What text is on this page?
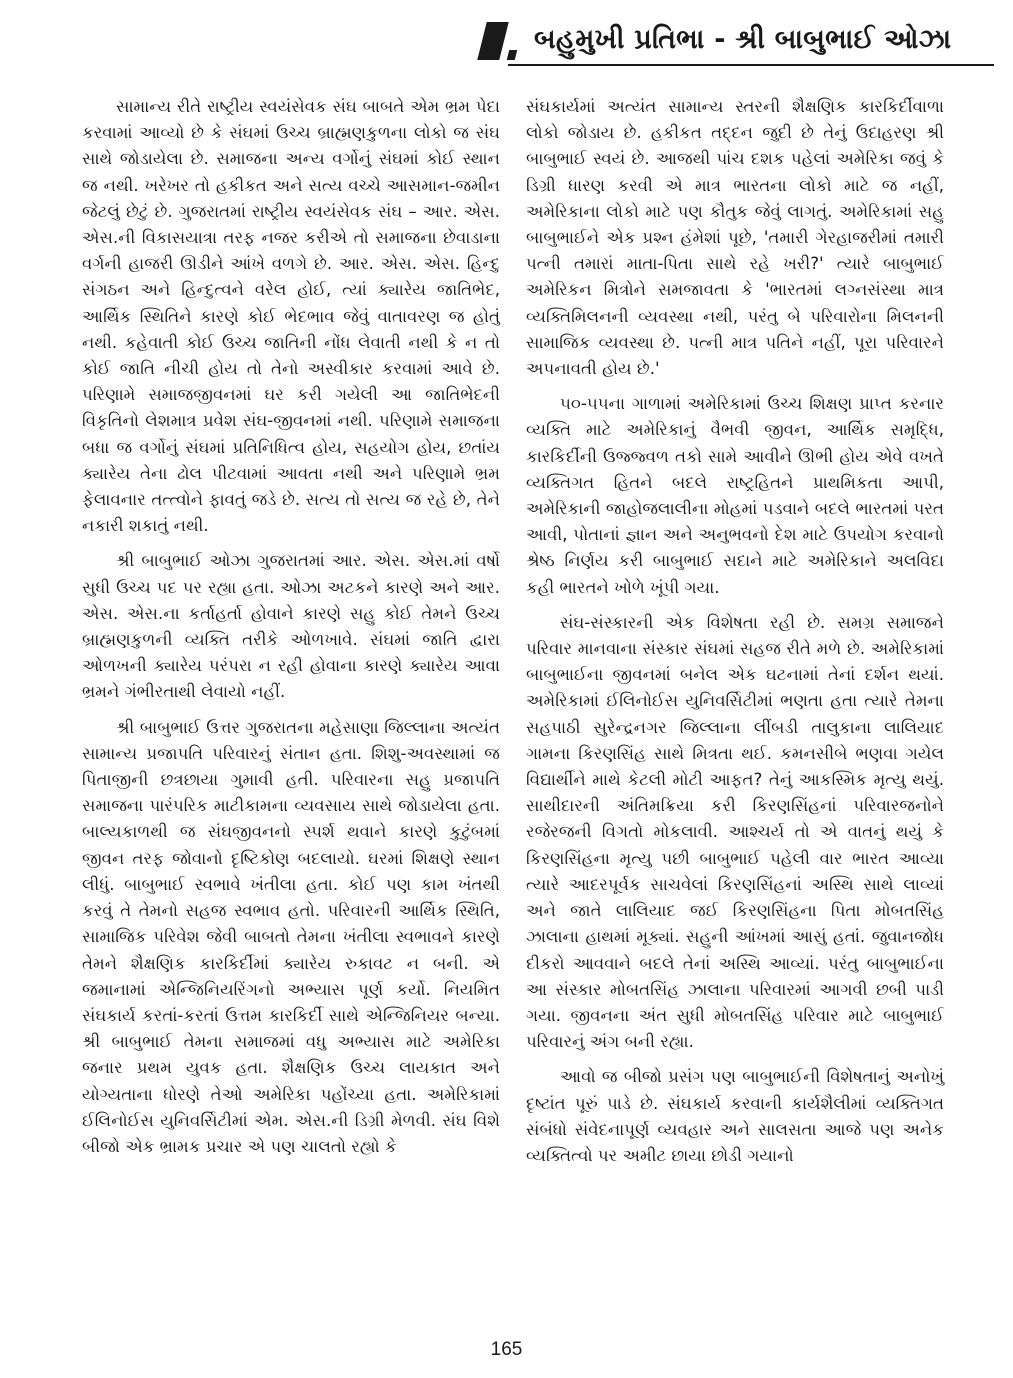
બહુમુખી પ્રતિભા - શ્રી બાબુભાઈ ઓઝા

સામાન્ય રીતે રાષ્ટ્રીય સ્વયંસેવક સંઘ બાબતે એમ ભ્રમ પેદા કરવામાં આવ્યો છે કે સંઘમાં ઉચ્ચ બ્રાહ્મણકુળના લોકો જ સંઘ સાથે જોડાયેલા છે. સમાજના અન્ય વર્ગોનું સંઘમાં કોઈ સ્થાન જ નથી. ખરેખર તો હકીકત અને સત્ય વચ્ચે આસમાન-જમીન જેટલું છેટું છે. ગુજરાતમાં રાષ્ટ્રીય સ્વયંસેવક સંઘ – આર. એસ. એસ.ની વિકાસયાત્રા તરફ નજર કરીએ તો સમાજના છેવાડાના વર્ગની હાજરી ઊડીને આંખે વળગે છે. આર. એસ. એસ. હિન્દુ સંગઠન અને હિન્દુત્વને વરેલ હોઈ, ત્યાં ક્યારેય જાતિભેદ, આર્થિક સ્થિતિને કારણે કોઈ ભેદભાવ જેવું વાતાવરણ જ હોતું નથી. કહેવાતી કોઈ ઉચ્ચ જાતિની નોંધ લેવાતી નથી કે ન તો કોઈ જાતિ નીચી હોય તો તેનો અસ્વીકાર કરવામાં આવે છે. પરિણામે સમાજજીવનમાં ઘર કરી ગયેલી આ જાતિભેદની વિકૃતિનો લેશમાત્ર પ્રવેશ સંઘ-જીવનમાં નથી. પરિણામે સમાજના બધા જ વર્ગોનું સંઘમાં પ્રતિનિધિત્વ હોય, સહયોગ હોય, છતાંય ક્યારેય તેના ઢોલ પીટવામાં આવતા નથી અને પરિણામે ભ્રમ ફેલાવનાર તત્ત્વોને ફાવતું જડે છે. સત્ય તો સત્ય જ રહે છે, તેને નકારી શકાતું નથી.

શ્રી બાબુભાઈ ઓઝા ગુજરાતમાં આર. એસ. એસ.માં વર્ષો સુધી ઉચ્ચ પદ પર રહ્યા હતા. ઓઝા અટકને કારણે અને આર. એસ. એસ.ના કર્તાહર્તા હોવાને કારણે સહુ કોઈ તેમને ઉચ્ચ બ્રાહ્મણકુળની વ્યક્તિ તરીકે ઓળખાવે. સંઘમાં જાતિ દ્વારા ઓળખની ક્યારેય પરંપરા ન રહી હોવાના કારણે ક્યારેય આવા ભ્રમને ગંભીરતાથી લેવાયો નહીં.

શ્રી બાબુભાઈ ઉત્તર ગુજરાતના મહેસાણા જિલ્લાના અત્યંત સામાન્ય પ્રજાપતિ પરિવારનું સંતાન હતા. શિશુ-અવસ્થામાં જ પિતાજીની છત્રછાયા ગુમાવી હતી. પરિવારના સહુ પ્રજાપતિ સમાજના પારંપરિક માટીકામના વ્યવસાય સાથે જોડાયેલા હતા. બાલ્યકાળથી જ સંઘજીવનનો સ્પર્શ થવાને કારણે કુટુંબમાં જીવન તરફ જોવાનો દૃષ્ટિકોણ બદલાયો. ઘરમાં શિક્ષણે સ્થાન લીધું. બાબુભાઈ સ્વભાવે ખંતીલા હતા. કોઈ પણ કામ ખંતથી કરવું તે તેમનો સહજ સ્વભાવ હતો. પરિવારની આર્થિક સ્થિતિ, સામાજિક પરિવેશ જેવી બાબતો તેમના ખંતીલા સ્વભાવને કારણે તેમને શૈક્ષણિક કારકિર્દીમાં ક્યારેય રુકાવટ ન બની. એ જમાનામાં એન્જિનિયરિંગનો અભ્યાસ પૂર્ણ કર્યો. નિયમિત સંઘકાર્ય કરતાં-કરતાં ઉત્તમ કારકિર્દી સાથે એન્જિનિયર બન્યા. શ્રી બાબુભાઈ તેમના સમાજમાં વધુ અભ્યાસ માટે અમેરિકા જનાર પ્રથમ યુવક હતા. શૈક્ષણિક ઉચ્ચ લાયકાત અને યોગ્યતાના ધોરણે તેઓ અમેરિકા પહોંચ્યા હતા. અમેરિકામાં ઈલિનોઈસ યુનિવર્સિટીમાં એમ. એસ.ની ડિગ્રી મેળવી. સંઘ વિશે બીજો એક ભ્રામક પ્રચાર એ પણ ચાલતો રહ્યો કે

સંઘકાર્યમાં અત્યંત સામાન્ય સ્તરની શૈક્ષણિક કારકિર્દીવાળા લોકો જોડાય છે. હકીકત તદ્દન જુદી છે તેનું ઉદાહરણ શ્રી બાબુભાઈ સ્વયં છે. આજથી પાંચ દશક પહેલાં અમેરિકા જવું કે ડિગ્રી ધારણ કરવી એ માત્ર ભારતના લોકો માટે જ નહીં, અમેરિકાના લોકો માટે પણ કૌતુક જેવું લાગતું. અમેરિકામાં સહુ બાબુભાઈને એક પ્રશ્ન હંમેશાં પૂછે, 'તમારી ગેરહાજરીમાં તમારી પત્ની તમારાં માતા-પિતા સાથે રહે ખરી?' ત્યારે બાબુભાઈ અમેરિકન મિત્રોને સમજાવતા કે 'ભારતમાં લગ્નસંસ્થા માત્ર વ્યક્તિમિલનની વ્યવસ્થા નથી, પરંતુ બે પરિવારોના મિલનની સામાજિક વ્યવસ્થા છે. પત્ની માત્ર પતિને નહીં, પૂરા પરિવારને અપનાવતી હોય છે.'

૫૦-૫૫ના ગાળામાં અમેરિકામાં ઉચ્ચ શિક્ષણ પ્રાપ્ત કરનાર વ્યક્તિ માટે અમેરિકાનું વૈભવી જીવન, આર્થિક સમૃદ્ધિ, કારકિર્દીની ઉજ્જ્વળ તકો સામે આવીને ઊભી હોય એવે વખતે વ્યક્તિગત હિતને બદલે રાષ્ટ્રહિતને પ્રાથમિકતા આપી, અમેરિકાની જાહોજલાલીના મોહમાં પડવાને બદલે ભારતમાં પરત આવી, પોતાનાં જ્ઞાન અને અનુભવનો દેશ માટે ઉપયોગ કરવાનો શ્રેષ્ઠ નિર્ણય કરી બાબુભાઈ સદાને માટે અમેરિકાને અલવિદા કહી ભારતને ખોળે ખૂંપી ગયા.

સંઘ-સંસ્કારની એક વિશેષતા રહી છે. સમગ્ર સમાજને પરિવાર માનવાના સંસ્કાર સંઘમાં સહજ રીતે મળે છે. અમેરિકામાં બાબુભાઈના જીવનમાં બનેલ એક ઘટનામાં તેનાં દર્શન થયાં. અમેરિકામાં ઈલિનોઈસ યુનિવર્સિટીમાં ભણતા હતા ત્યારે તેમના સહપાઠી સુરેન્દ્રનગર જિલ્લાના લીંબડી તાલુકાના લાલિયાદ ગામના કિરણસિંહ સાથે મિત્રતા થઈ. કમનસીબે ભણવા ગયેલ વિદ્યાર્થીને માથે કેટલી મોટી આફત? તેનું આકસ્મિક મૃત્યુ થયું. સાથીદારની અંતિમક્રિયા કરી કિરણસિંહનાં પરિવારજનોને રજેરજની વિગતો મોકલાવી. આશ્ચર્ય તો એ વાતનું થયું કે કિરણસિંહના મૃત્યુ પછી બાબુભાઈ પહેલી વાર ભારત આવ્યા ત્યારે આદરપૂર્વક સાચવેલાં કિરણસિંહનાં અસ્થિ સાથે લાવ્યાં અને જાતે લાલિયાદ જઈ કિરણસિંહના પિતા મોબતસિંહ ઝાલાના હાથમાં મૂક્યાં. સહુની આંખમાં આસું હતાં. જુવાનજોધ દીકરો આવવાને બદલે તેનાં અસ્થિ આવ્યાં. પરંતુ બાબુભાઈના આ સંસ્કાર મોબતસિંહ ઝાલાના પરિવારમાં આગવી છબી પાડી ગયા. જીવનના અંત સુધી મોબતસિંહ પરિવાર માટે બાબુભાઈ પરિવારનું અંગ બની રહ્યા.

આવો જ બીજો પ્રસંગ પણ બાબુભાઈની વિશેષતાનું અનોખું દૃષ્ટાંત પૂરું પાડે છે. સંઘકાર્ય કરવાની કાર્યશૈલીમાં વ્યક્તિગત સંબંધો સંવેદનાપૂર્ણ વ્યવહાર અને સાલસતા આજે પણ અનેક વ્યક્તિત્વો પર અમીટ છાયા છોડી ગયાનો

165
